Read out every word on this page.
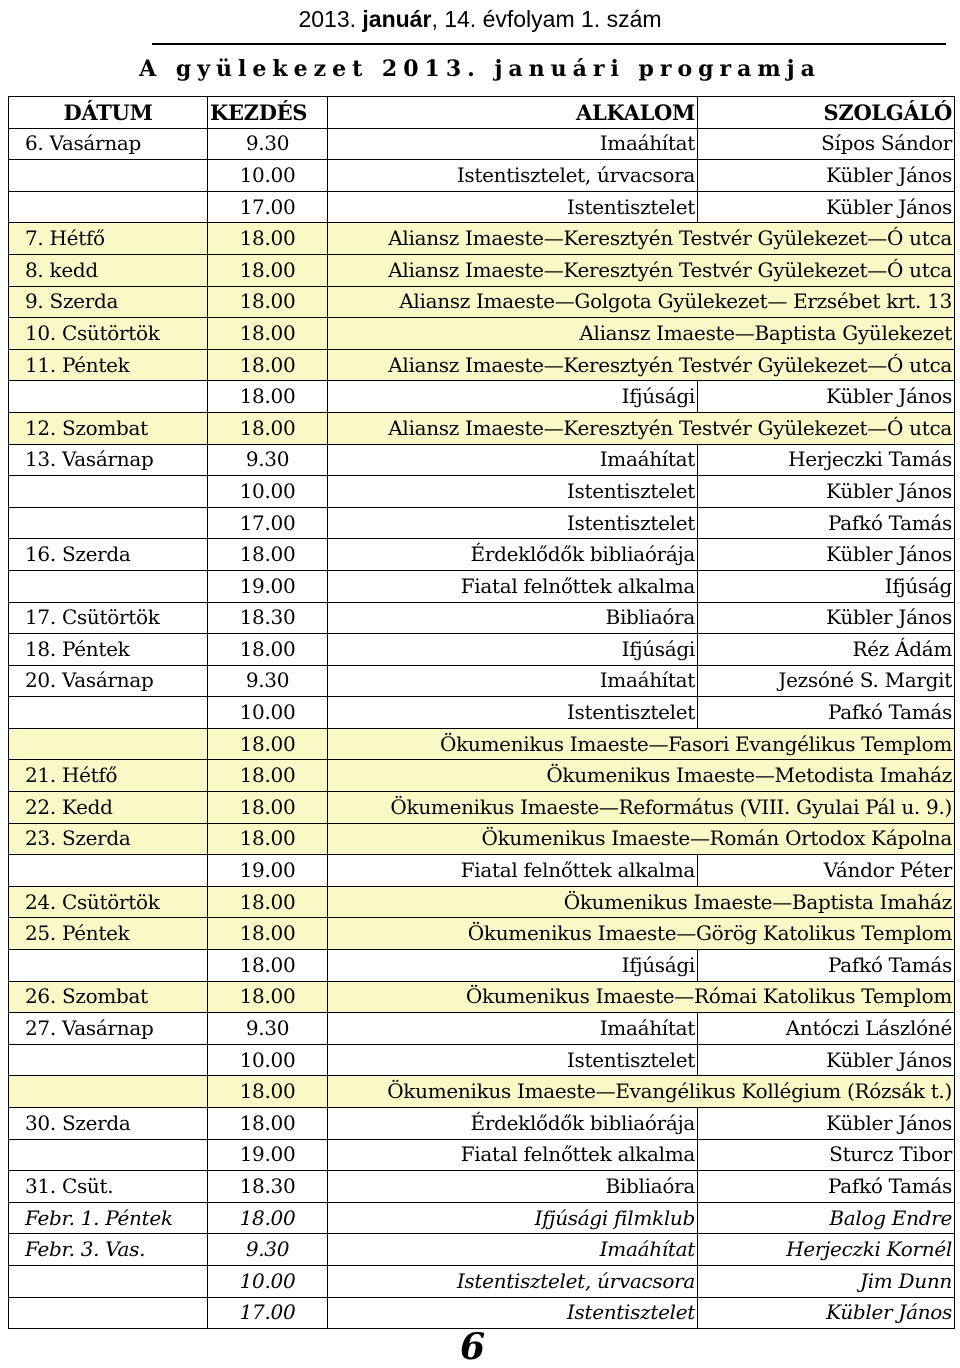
2013. január, 14. évfolyam 1. szám
A gyülekezet 2013. januári programja
DÁTUM	KEZDÉS	ALKALOM	SZOLGÁLÓ
6. Vasárnap	9.30	Imaáhítat	Sípos Sándor
	10.00	Istentisztelet, úrvacsora	Kübler János
	17.00	Istentisztelet	Kübler János
7. Hétfő	18.00	Aliansz Imaeste—Keresztyén Testvér Gyülekezet—Ó utca	
8. kedd	18.00	Aliansz Imaeste—Keresztyén Testvér Gyülekezet—Ó utca	
9. Szerda	18.00	Aliansz Imaeste—Golgota Gyülekezet— Erzsébet krt. 13	
10. Csütörtök	18.00	Aliansz Imaeste—Baptista Gyülekezet	
11. Péntek	18.00	Aliansz Imaeste—Keresztyén Testvér Gyülekezet—Ó utca	
	18.00	Ifjúsági	Kübler János
12. Szombat	18.00	Aliansz Imaeste—Keresztyén Testvér Gyülekezet—Ó utca	
13. Vasárnap	9.30	Imaáhítat	Herjeczki Tamás
	10.00	Istentisztelet	Kübler János
	17.00	Istentisztelet	Pafkó Tamás
16. Szerda	18.00	Érdeklődők bibliaórája	Kübler János
	19.00	Fiatal felnőttek alkalma	Ifjúság
17. Csütörtök	18.30	Bibliaóra	Kübler János
18. Péntek	18.00	Ifjúsági	Réz Ádám
20. Vasárnap	9.30	Imaáhítat	Jezsóné S. Margit
	10.00	Istentisztelet	Pafkó Tamás
	18.00	Ökumenikus Imaeste—Fasori Evangélikus Templom	
21. Hétfő	18.00	Ökumenikus Imaeste—Metodista Imaház	
22. Kedd	18.00	Ökumenikus Imaeste—Református (VIII. Gyulai Pál u. 9.)	
23. Szerda	18.00	Ökumenikus Imaeste—Román Ortodox Kápolna	
	19.00	Fiatal felnőttek alkalma	Vándor Péter
24. Csütörtök	18.00	Ökumenikus Imaeste—Baptista Imaház	
25. Péntek	18.00	Ökumenikus Imaeste—Görög Katolikus Templom	
	18.00	Ifjúsági	Pafkó Tamás
26. Szombat	18.00	Ökumenikus Imaeste—Római Katolikus Templom	
27. Vasárnap	9.30	Imaáhítat	Antóczi Lászlóné
	10.00	Istentisztelet	Kübler János
	18.00	Ökumenikus Imaeste—Evangélikus Kollégium (Rózsák t.)	
30. Szerda	18.00	Érdeklődők bibliaórája	Kübler János
	19.00	Fiatal felnőttek alkalma	Sturcz Tibor
31. Csüt.	18.30	Bibliaóra	Pafkó Tamás
Febr. 1. Péntek	18.00	Ifjúsági filmklub	Balog Endre
Febr. 3. Vas.	9.30	Imaáhítat	Herjeczki Kornél
	10.00	Istentisztelet, úrvacsora	Jim Dunn
	17.00	Istentisztelet	Kübler János
6
